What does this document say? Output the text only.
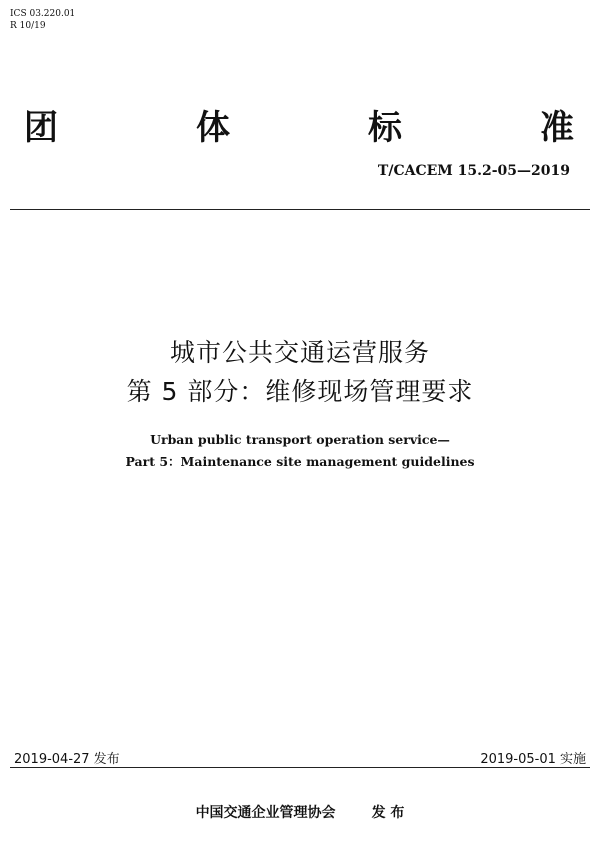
ICS 03.220.01
R 10/19
团	体	标	准
T/CACEM 15.2-05—2019
城市公共交通运营服务
第 5 部分：维修现场管理要求
Urban public transport operation service—
Part 5：Maintenance site management guidelines
2019-04-27 发布	2019-05-01 实施
中国交通企业管理协会	发 布
